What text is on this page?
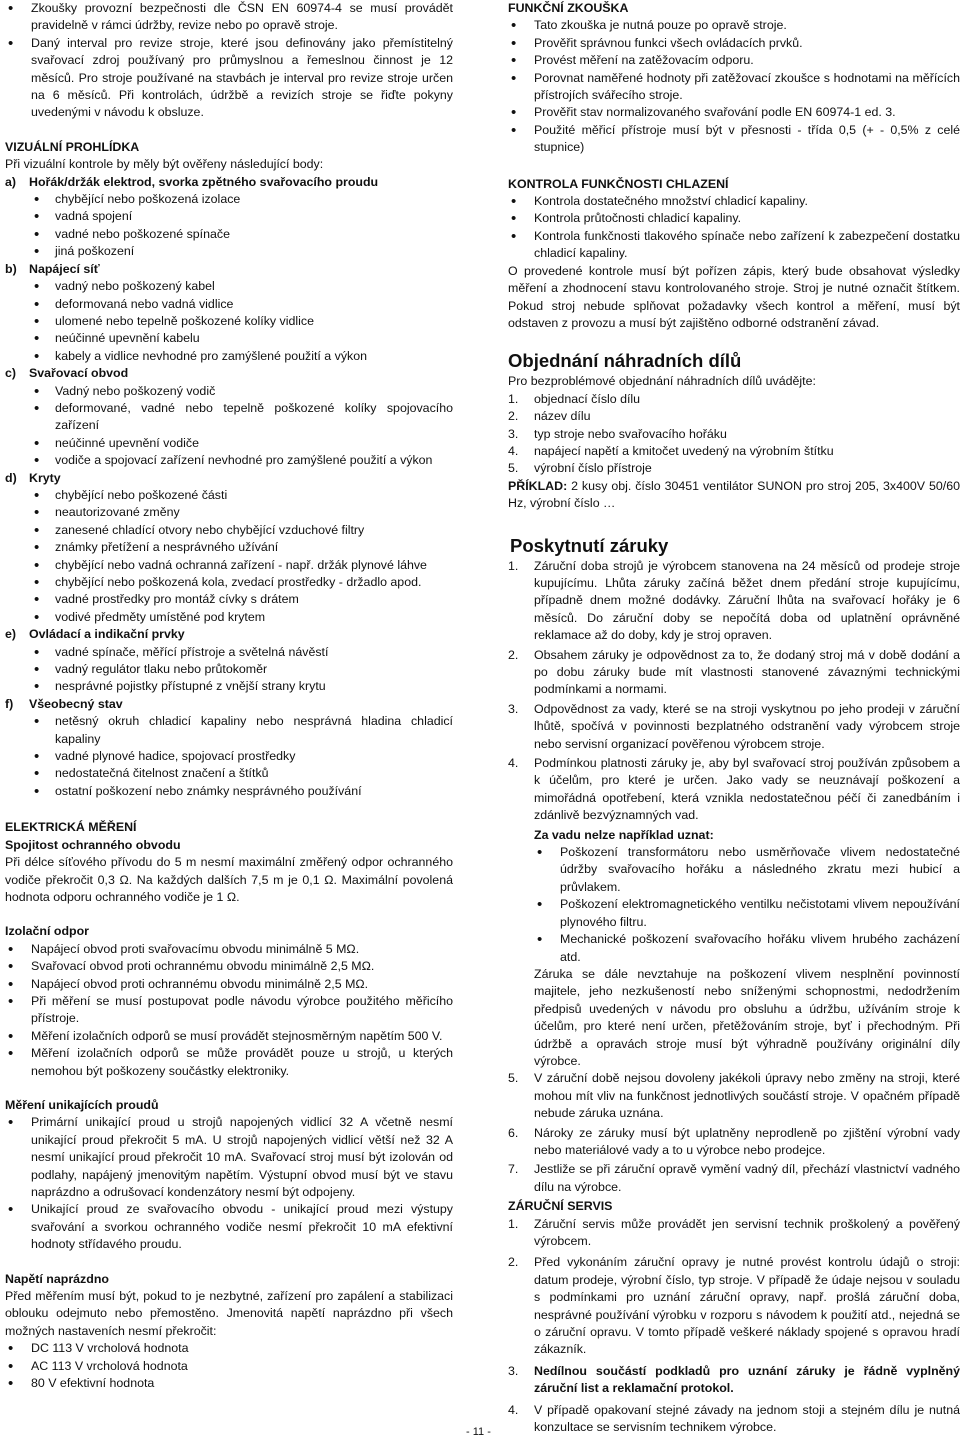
• Zkoušky provozní bezpečnosti dle ČSN EN 60974-4 se musí provádět pravidelně v rámci údržby, revize nebo po opravě stroje.
• Daný interval pro revize stroje, které jsou definovány jako přemístitelný svařovací zdroj používaný pro průmyslnou a řemeslnou činnost je 12 měsíců. Pro stroje používané na stavbách je interval pro revize stroje určen na 6 měsíců. Při kontrolách, údržbě a revizích stroje se řiďte pokyny uvedenými v návodu k obsluze.

VIZUÁLNÍ PROHLÍDKA

Při vizuální kontrole by měly být ověřeny následující body:

a)	Hořák/držák elektrod, svorka zpětného svařovacího proudu
• chybějící nebo poškozená izolace
• vadná spojení
• vadné nebo poškozené spínače
• jiná poškození
b) Napájecí síť
• vadný nebo poškozený kabel
• deformovaná nebo vadná vidlice
• ulomené nebo tepelně poškozené kolíky vidlice
• neúčinné upevnění kabelu
• kabely a vidlice nevhodné pro zamýšlené použití a výkon
c)	Svařovací obvod
• Vadný nebo poškozený vodič
• deformované, vadné nebo tepelně poškozené kolíky spojovacího zařízení
• neúčinné upevnění vodiče
• vodiče a spojovací zařízení nevhodné pro zamýšlené použití a výkon
d) Kryty
• chybějící nebo poškozené části
• neautorizované změny
• zanesené chladící otvory nebo chybějící vzduchové filtry
• známky přetížení a nesprávného užívání
• chybějící nebo vadná ochranná zařízení - např. držák plynové láhve
• chybějící nebo poškozená kola, zvedací prostředky - držadlo apod.
• vadné prostředky pro montáž cívky s drátem
• vodivé předměty umístěné pod krytem
e)	Ovládací a indikační prvky
• vadné spínače, měřící přístroje a světelná návěstí
• vadný regulátor tlaku nebo průtokoměr
• nesprávné pojistky přístupné z vnější strany krytu
f)	Všeobecný stav
• netěsný okruh chladicí kapaliny nebo nesprávná hladina chladicí kapaliny
• vadné plynové hadice, spojovací prostředky
• nedostatečná čitelnost značení a štítků
• ostatní poškození nebo známky nesprávného používání

ELEKTRICKÁ MĚŘENÍ

Spojitost ochranného obvodu

Při délce síťového přívodu do 5 m nesmí maximální změřený odpor ochranného vodiče překročit 0,3 Ω. Na každých dalších 7,5 m je 0,1 Ω. Maximální povolená hodnota odporu ochranného vodiče je 1 Ω.

Izolační odpor

• Napájecí obvod proti svařovacímu obvodu minimálně 5 MΩ.
• Svařovací obvod proti ochrannému obvodu minimálně 2,5 MΩ.
• Napájecí obvod proti ochrannému obvodu minimálně 2,5 MΩ.
• Při měření se musí postupovat podle návodu výrobce použitého měřicího přístroje.
• Měření izolačních odporů se musí provádět stejnosměrným napětím 500 V.
• Měření izolačních odporů se může provádět pouze u strojů, u kterých nemohou být poškozeny součástky elektroniky.

Měření unikajících proudů

• Primární unikající proud u strojů napojených vidlicí 32 A včetně nesmí unikající proud překročit 5 mA. U strojů napojených vidlicí větší než 32 A nesmí unikající proud překročit 10 mA. Svařovací stroj musí být izolován od podlahy, napájený jmenovitým napětím. Výstupní obvod musí být ve stavu naprázdno a odrušovací kondenzátory nesmí být odpojeny.
• Unikající proud ze svařovacího obvodu - unikající proud mezi výstupy svařování a svorkou ochranného vodiče nesmí překročit 10 mA efektivní hodnoty střídavého proudu.

Napětí naprázdno

Před měřením musí být, pokud to je nezbytné, zařízení pro zapálení a stabilizaci oblouku odejmuto nebo přemostěno. Jmenovitá napětí naprázdno při všech možných nastaveních nesmí překročit:

• DC 113 V vrcholová hodnota
• AC 113 V vrcholová hodnota
• 80 V efektivní hodnota

FUNKČNÍ ZKOUŠKA

• Tato zkouška je nutná pouze po opravě stroje.
• Prověřit správnou funkci všech ovládacích prvků.
• Provést měření na zatěžovacím odporu.
• Porovnat naměřené hodnoty při zatěžovací zkoušce s hodnotami na měřících přístrojích svářecího stroje.
• Prověřit stav normalizovaného svařování podle EN 60974-1 ed. 3.
• Použité měřicí přístroje musí být v přesnosti - třída 0,5 (+ - 0,5% z celé stupnice)

KONTROLA FUNKČNOSTI CHLAZENÍ

• Kontrola dostatečného množství chladicí kapaliny.
• Kontrola průtočnosti chladicí kapaliny.
• Kontrola funkčnosti tlakového spínače nebo zařízení k zabezpečení dostatku chladicí kapaliny.

O provedené kontrole musí být pořízen zápis, který bude obsahovat výsledky měření a zhodnocení stavu kontrolovaného stroje. Stroj je nutné označit štítkem. Pokud stroj nebude splňovat požadavky všech kontrol a měření, musí být odstaven z provozu a musí být zajištěno odborné odstranění závad.

Objednání náhradních dílů

Pro bezproblémové objednání náhradních dílů uvádějte:

1. objednací číslo dílu
2. název dílu
3. typ stroje nebo svařovacího hořáku
4. napájecí napětí a kmitočet uvedený na výrobním štítku
5. výrobní číslo přístroje

PŘÍKLAD: 2 kusy obj. číslo 30451 ventilátor SUNON pro stroj 205, 3x400V 50/60 Hz, výrobní číslo …

Poskytnutí záruky

1. Záruční doba strojů je výrobcem stanovena na 24 měsíců od prodeje stroje kupujícímu. Lhůta záruky začíná běžet dnem předání stroje kupujícímu, případně dnem možné dodávky. Záruční lhůta na svařovací hořáky je 6 měsíců. Do záruční doby se nepočítá doba od uplatnění oprávněné reklamace až do doby, kdy je stroj opraven.
2. Obsahem záruky je odpovědnost za to, že dodaný stroj má v době dodání a po dobu záruky bude mít vlastnosti stanovené závaznými technickými podmínkami a normami.
3. Odpovědnost za vady, které se na stroji vyskytnou po jeho prodeji v záruční lhůtě, spočívá v povinnosti bezplatného odstranění vady výrobcem stroje nebo servisní organizací pověřenou výrobcem stroje.
4. Podmínkou platnosti záruky je, aby byl svařovací stroj používán způsobem a k účelům, pro které je určen. Jako vady se neuznávají poškození a mimořádná opotřebení, která vznikla nedostatečnou péčí či zanedbáním i zdánlivě bezvýznamných vad.

Za vadu nelze například uznat:

• Poškození transformátoru nebo usměrňovače vlivem nedostatečné údržby svařovacího hořáku a následného zkratu mezi hubicí a průvlakem.
• Poškození elektromagnetického ventilku nečistotami vlivem nepoužívání plynového filtru.
• Mechanické poškození svařovacího hořáku vlivem hrubého zacházení atd.

Záruka se dále nevztahuje na poškození vlivem nesplnění povinností majitele, jeho nezkušeností nebo sníženými schopnostmi, nedodržením předpisů uvedených v návodu pro obsluhu a údržbu, užíváním stroje k účelům, pro které není určen, přetěžováním stroje, byť i přechodným. Při údržbě a opravách stroje musí být výhradně používány originální díly výrobce.

5. V záruční době nejsou dovoleny jakékoli úpravy nebo změny na stroji, které mohou mít vliv na funkčnost jednotlivých součástí stroje. V opačném případě nebude záruka uznána.
6. Nároky ze záruky musí být uplatněny neprodleně po zjištění výrobní vady nebo materiálové vady a to u výrobce nebo prodejce.
7. Jestliže se při záruční opravě vymění vadný díl, přechází vlastnictví vadného dílu na výrobce.

ZÁRUČNÍ SERVIS

1. Záruční servis může provádět jen servisní technik proškolený a pověřený výrobcem.
2. Před vykonáním záruční opravy je nutné provést kontrolu údajů o stroji: datum prodeje, výrobní číslo, typ stroje. V případě že údaje nejsou v souladu s podmínkami pro uznání záruční opravy, např. prošlá záruční doba, nesprávné používání výrobku v rozporu s návodem k použití atd., nejedná se o záruční opravu. V tomto případě veškeré náklady spojené s opravou hradí zákazník.
3. Nedílnou součástí podkladů pro uznání záruky je řádně vyplněný záruční list a reklamační protokol.
4. V případě opakovaní stejné závady na jednom stoji a stejném dílu je nutná konzultace se servisním technikem výrobce.
- 11 -
